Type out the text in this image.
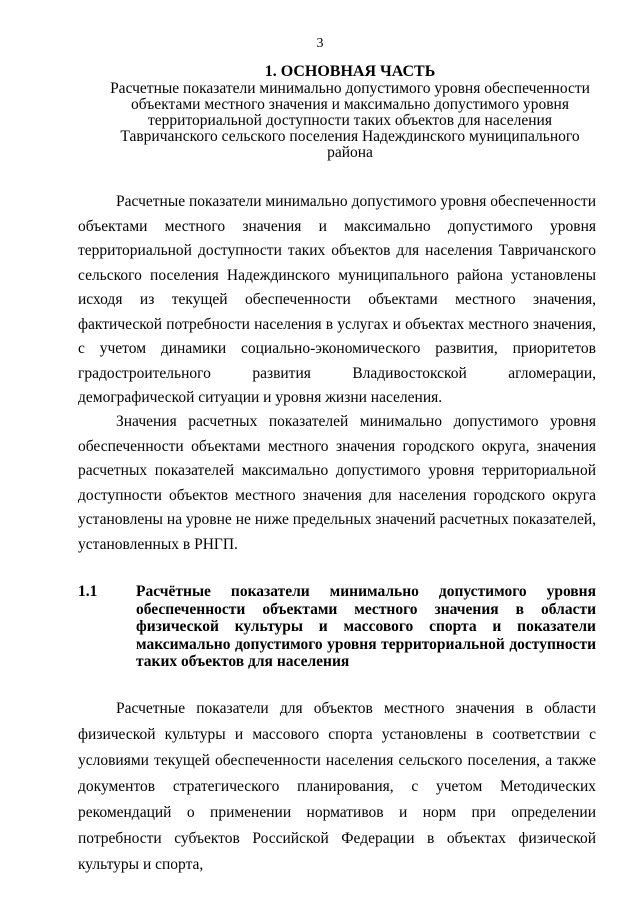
3
1. ОСНОВНАЯ ЧАСТЬ
Расчетные показатели минимально допустимого уровня обеспеченности объектами местного значения и максимально допустимого уровня территориальной доступности таких объектов для населения Тавричанского сельского поселения Надеждинского муниципального района

Расчетные показатели минимально допустимого уровня обеспеченности объектами местного значения и максимально допустимого уровня территориальной доступности таких объектов для населения Тавричанского сельского поселения Надеждинского муниципального района установлены исходя из текущей обеспеченности объектами местного значения, фактической потребности населения в услугах и объектах местного значения, с учетом динамики социально-экономического развития, приоритетов градостроительного развития Владивостокской агломерации, демографической ситуации и уровня жизни населения.

Значения расчетных показателей минимально допустимого уровня обеспеченности объектами местного значения городского округа, значения расчетных показателей максимально допустимого уровня территориальной доступности объектов местного значения для населения городского округа установлены на уровне не ниже предельных значений расчетных показателей, установленных в РНГП.

1.1 Расчётные показатели минимально допустимого уровня обеспеченности объектами местного значения в области физической культуры и массового спорта и показатели максимально допустимого уровня территориальной доступности таких объектов для населения

Расчетные показатели для объектов местного значения в области физической культуры и массового спорта установлены в соответствии с условиями текущей обеспеченности населения сельского поселения, а также документов стратегического планирования, с учетом Методических рекомендаций о применении нормативов и норм при определении потребности субъектов Российской Федерации в объектах физической культуры и спорта,
